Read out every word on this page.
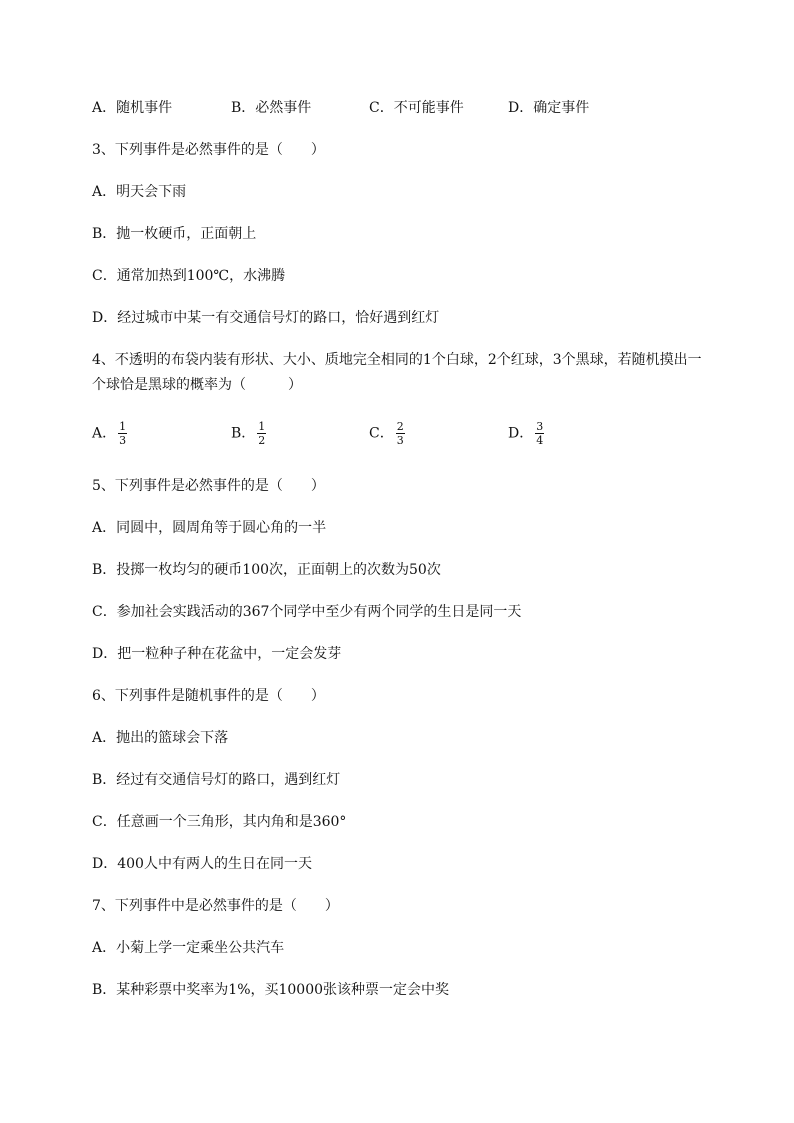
A．随机事件	B．必然事件	C．不可能事件	D．确定事件
3、下列事件是必然事件的是（　　）
A．明天会下雨
B．抛一枚硬币，正面朝上
C．通常加热到100℃，水沸腾
D．经过城市中某一有交通信号灯的路口，恰好遇到红灯
4、不透明的布袋内装有形状、大小、质地完全相同的1个白球，2个红球，3个黑球，若随机摸出一
个球恰是黑球的概率为（　　　）
A． $\frac{1}{3}$	B． $\frac{1}{2}$	C． $\frac{2}{3}$	D． $\frac{3}{4}$
5、下列事件是必然事件的是（　　）
A．同圆中，圆周角等于圆心角的一半
B．投掷一枚均匀的硬币100次，正面朝上的次数为50次
C．参加社会实践活动的367个同学中至少有两个同学的生日是同一天
D．把一粒种子种在花盆中，一定会发芽
6、下列事件是随机事件的是（　　）
A．抛出的篮球会下落
B．经过有交通信号灯的路口，遇到红灯
C．任意画一个三角形，其内角和是360°
D．400人中有两人的生日在同一天
7、下列事件中是必然事件的是（　　）
A．小菊上学一定乘坐公共汽车
B．某种彩票中奖率为1%，买10000张该种票一定会中奖
